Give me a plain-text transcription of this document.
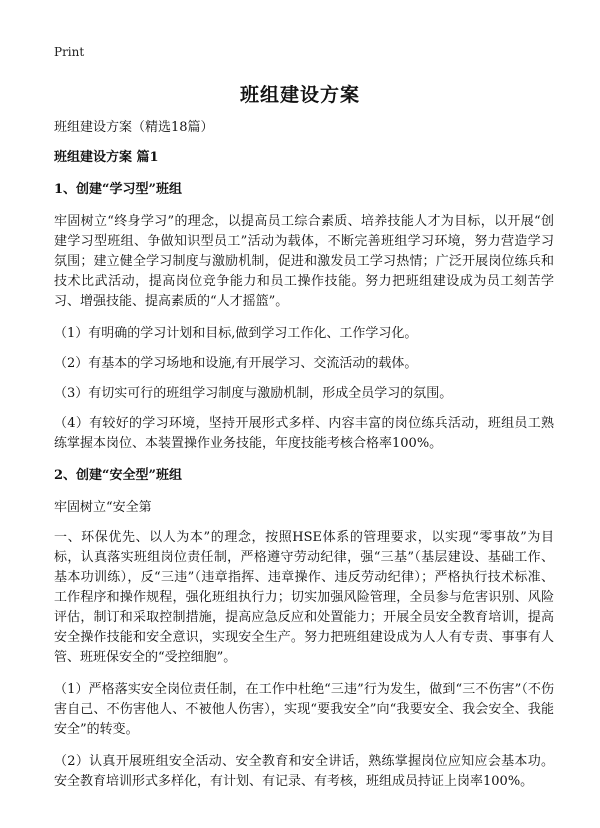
Print
班组建设方案

班组建设方案（精选18篇）

班组建设方案 篇1

1、创建“学习型”班组

牢固树立“终身学习”的理念，以提高员工综合素质、培养技能人才为目标，以开展“创建学习型班组、争做知识型员工”活动为载体，不断完善班组学习环境，努力营造学习氛围；建立健全学习制度与激励机制，促进和激发员工学习热情；广泛开展岗位练兵和技术比武活动，提高岗位竞争能力和员工操作技能。努力把班组建设成为员工刻苦学习、增强技能、提高素质的“人才摇篮”。

（1）有明确的学习计划和目标,做到学习工作化、工作学习化。

（2）有基本的学习场地和设施,有开展学习、交流活动的载体。

（3）有切实可行的班组学习制度与激励机制，形成全员学习的氛围。

（4）有较好的学习环境，坚持开展形式多样、内容丰富的岗位练兵活动，班组员工熟练掌握本岗位、本装置操作业务技能，年度技能考核合格率100%。

2、创建“安全型”班组

牢固树立“安全第

一、环保优先、以人为本”的理念，按照HSE体系的管理要求，以实现“零事故”为目标，认真落实班组岗位责任制，严格遵守劳动纪律，强“三基”（基层建设、基础工作、基本功训练），反“三违”（违章指挥、违章操作、违反劳动纪律）；严格执行技术标准、工作程序和操作规程，强化班组执行力；切实加强风险管理，全员参与危害识别、风险评估，制订和采取控制措施，提高应急反应和处置能力；开展全员安全教育培训，提高安全操作技能和安全意识，实现安全生产。努力把班组建设成为人人有专责、事事有人管、班班保安全的“受控细胞”。

（1）严格落实安全岗位责任制，在工作中杜绝“三违”行为发生，做到“三不伤害”（不伤害自己、不伤害他人、不被他人伤害），实现“要我安全”向“我要安全、我会安全、我能安全”的转变。

（2）认真开展班组安全活动、安全教育和安全讲话，熟练掌握岗位应知应会基本功。安全教育培训形式多样化，有计划、有记录、有考核，班组成员持证上岗率100%。
